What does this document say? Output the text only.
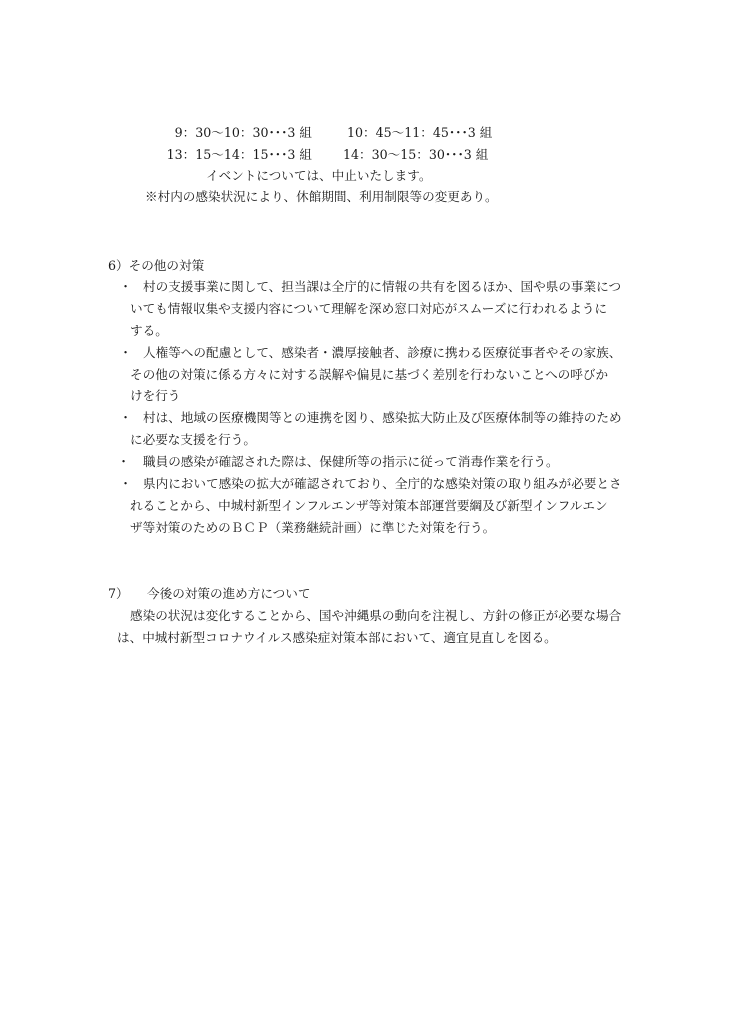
9：30〜10：30･･･3 組	10：45〜11：45･･･3 組
13：15〜14：15･･･3 組 14：30〜15：30･･･3 組
イベントについては、中止いたします。
※村内の感染状況により、休館期間、利用制限等の変更あり。
6）その他の対策
・ 村の支援事業に関して、担当課は全庁的に情報の共有を図るほか、国や県の事業につ
いても情報収集や支援内容について理解を深め窓口対応がスムーズに行われるように
する。
・ 人権等への配慮として、感染者・濃厚接触者、診療に携わる医療従事者やその家族、
その他の対策に係る方々に対する誤解や偏見に基づく差別を行わないことへの呼びか
けを行う
・ 村は、地域の医療機関等との連携を図り、感染拡大防止及び医療体制等の維持のため
に必要な支援を行う。
・ 職員の感染が確認された際は、保健所等の指示に従って消毒作業を行う。
・ 県内において感染の拡大が確認されており、全庁的な感染対策の取り組みが必要とさ
れることから、中城村新型インフルエンザ等対策本部運営要綱及び新型インフルエン
ザ等対策のためのＢＣＰ（業務継続計画）に準じた対策を行う。
7） 今後の対策の進め方について
感染の状況は変化することから、国や沖縄県の動向を注視し、方針の修正が必要な場合
は、中城村新型コロナウイルス感染症対策本部において、適宜見直しを図る。
